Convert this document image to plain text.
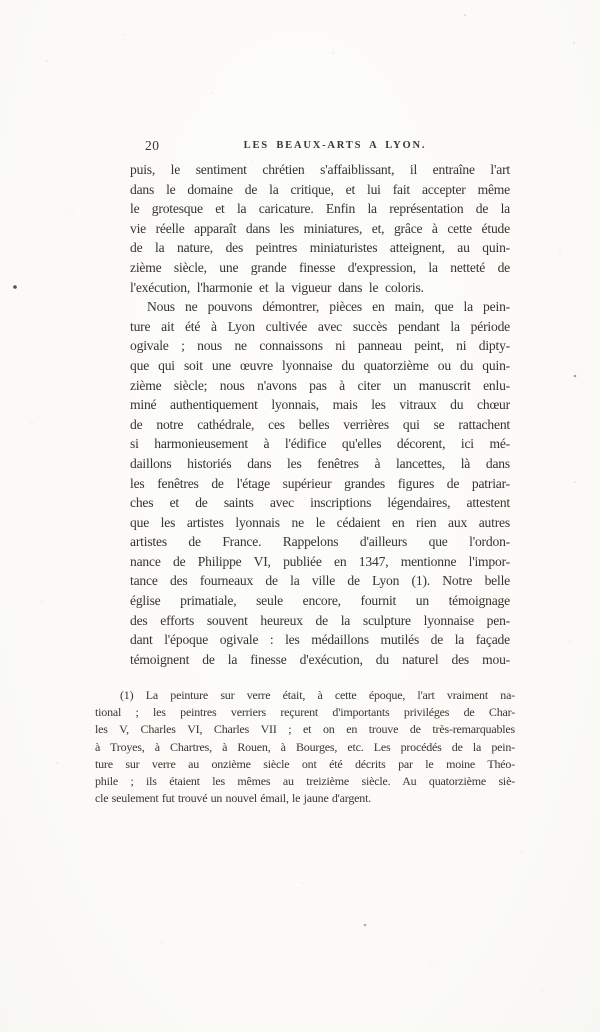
20	LES BEAUX-ARTS A LYON.
puis, le sentiment chrétien s'affaiblissant, il entraîne l'art
dans le domaine de la critique, et lui fait accepter même
le grotesque et la caricature. Enfin la représentation de la
vie réelle apparaît dans les miniatures, et, grâce à cette étude
de la nature, des peintres miniaturistes atteignent, au quin-
zième siècle, une grande finesse d'expression, la netteté de
l'exécution, l'harmonie et la vigueur dans le coloris.
Nous ne pouvons démontrer, pièces en main, que la pein-
ture ait été à Lyon cultivée avec succès pendant la période
ogivale ; nous ne connaissons ni panneau peint, ni dipty-
que qui soit une œuvre lyonnaise du quatorzième ou du quin-
zième siècle; nous n'avons pas à citer un manuscrit enlu-
miné authentiquement lyonnais, mais les vitraux du chœur
de notre cathédrale, ces belles verrières qui se rattachent
si harmonieusement à l'édifice qu'elles décorent, ici mé-
daillons historiés dans les fenêtres à lancettes, là dans
les fenêtres de l'étage supérieur grandes figures de patriar-
ches et de saints avec inscriptions légendaires, attestent
que les artistes lyonnais ne le cédaient en rien aux autres
artistes de France. Rappelons d'ailleurs que l'ordon-
nance de Philippe VI, publiée en 1347, mentionne l'impor-
tance des fourneaux de la ville de Lyon (1). Notre belle
église primatiale, seule encore, fournit un témoignage
des efforts souvent heureux de la sculpture lyonnaise pen-
dant l'époque ogivale : les médaillons mutilés de la façade
témoignent de la finesse d'exécution, du naturel des mou-
(1) La peinture sur verre était, à cette époque, l'art vraiment na-
tional ; les peintres verriers reçurent d'importants priviléges de Char-
les V, Charles VI, Charles VII ; et on en trouve de très-remarquables
à Troyes, à Chartres, à Rouen, à Bourges, etc. Les procédés de la pein-
ture sur verre au onzième siècle ont été décrits par le moine Théo-
phile ; ils étaient les mêmes au treizième siècle. Au quatorzième siè-
cle seulement fut trouvé un nouvel émail, le jaune d'argent.
